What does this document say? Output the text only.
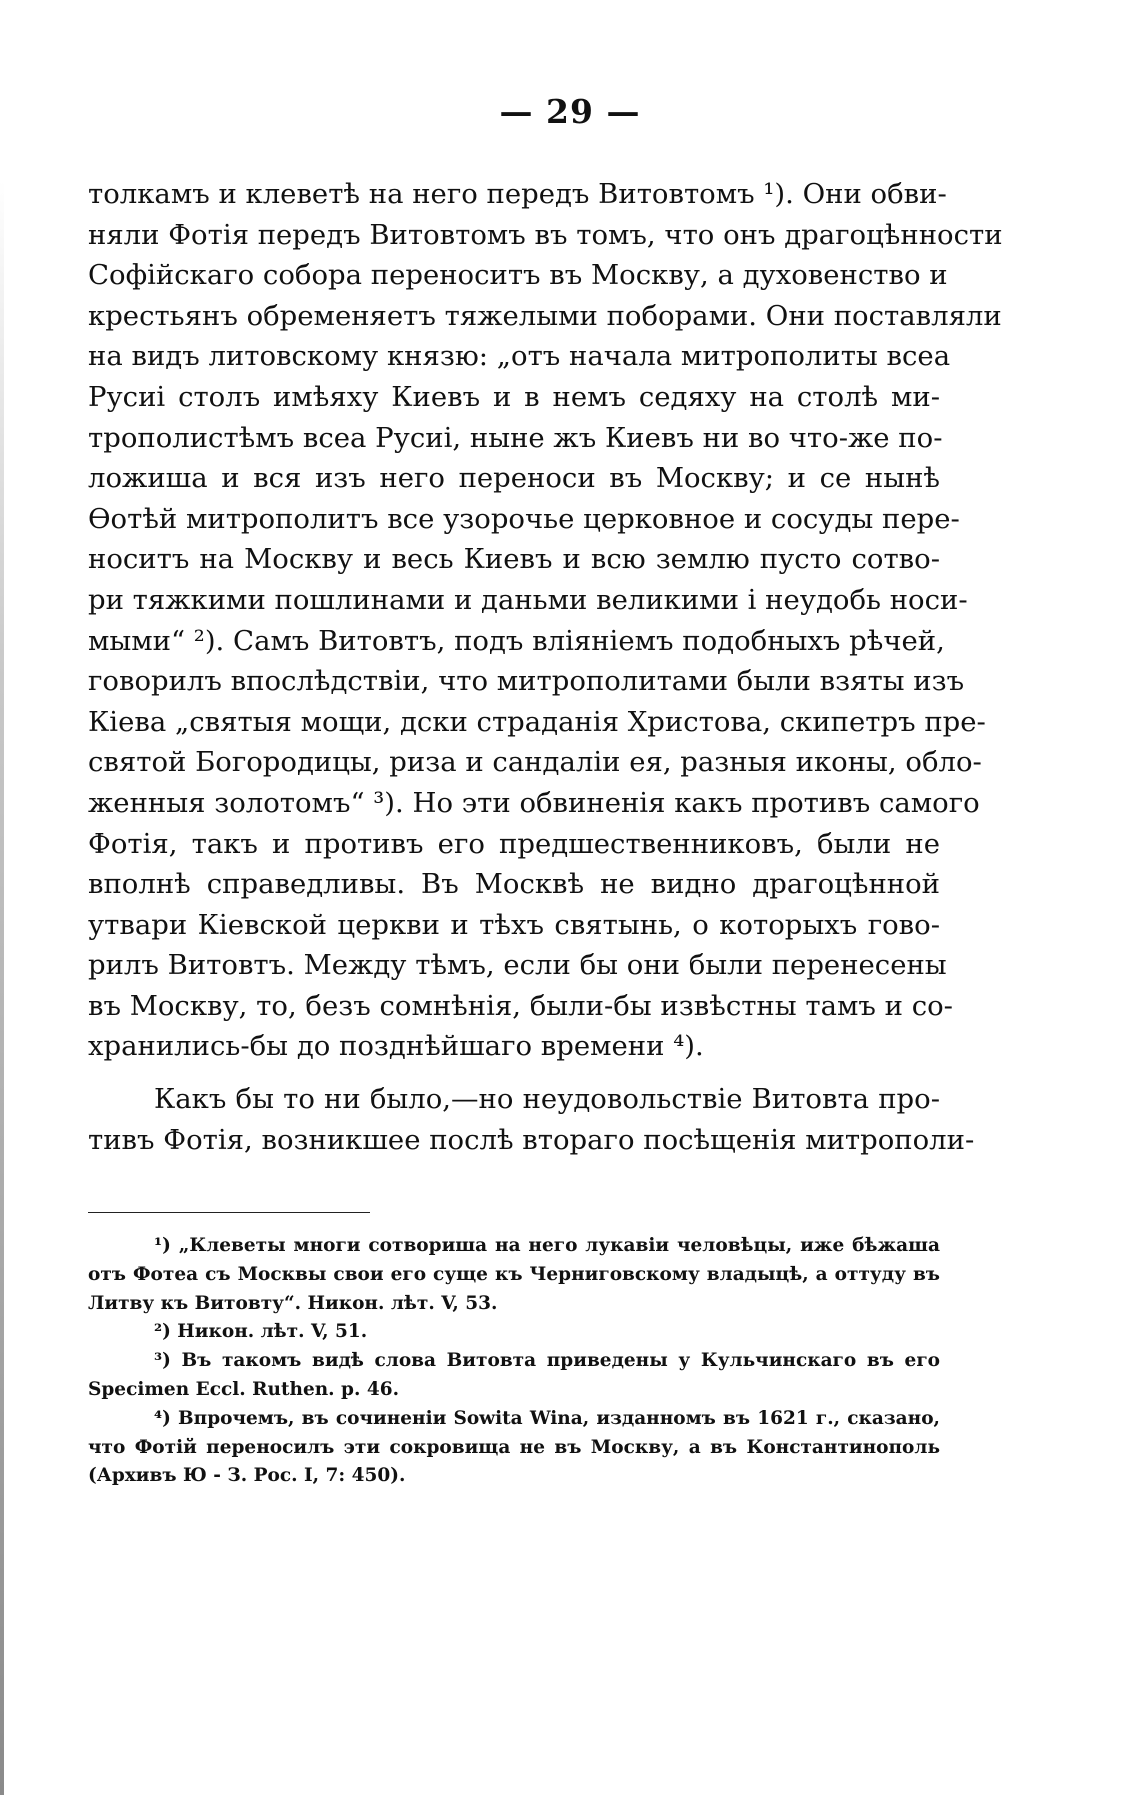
— 29 —
толкамъ и клеветѣ на него передъ Витовтомъ ¹). Они обви-
няли Фотія передъ Витовтомъ въ томъ, что онъ драгоцѣнности
Софійскаго собора переноситъ въ Москву, а духовенство и
крестьянъ обременяетъ тяжелыми поборами. Они поставляли
на видъ литовскому князю: „отъ начала митрополиты всеа
Русиі столъ имѣяху Киевъ и в немъ седяху на столѣ ми-
трополистѣмъ всеа Русиі, ныне жъ Киевъ ни во что-же по-
ложиша и вся изъ него переноси въ Москву; и се нынѣ
Ѳотѣй митрополитъ все узорочье церковное и сосуды пере-
носитъ на Москву и весь Киевъ и всю землю пусто сотво-
ри тяжкими пошлинами и даньми великими і неудобь носи-
мыми“ ²). Самъ Витовтъ, подъ вліяніемъ подобныхъ рѣчей,
говорилъ впослѣдствіи, что митрополитами были взяты изъ
Кіева „святыя мощи, дски страданія Христова, скипетръ пре-
святой Богородицы, риза и сандаліи ея, разныя иконы, обло-
женныя золотомъ“ ³). Но эти обвиненія какъ противъ самого
Фотія, такъ и противъ его предшественниковъ, были не
вполнѣ справедливы. Въ Москвѣ не видно драгоцѣнной
утвари Кіевской церкви и тѣхъ святынь, о которыхъ гово-
рилъ Витовтъ. Между тѣмъ, если бы они были перенесены
въ Москву, то, безъ сомнѣнія, были-бы извѣстны тамъ и со-
хранились-бы до позднѣйшаго времени ⁴).
Какъ бы то ни было,—но неудовольствіе Витовта про-
тивъ Фотія, возникшее послѣ втораго посѣщенія митрополи-
¹) „Клеветы многи сотвориша на него лукавіи человѣцы, иже бѣжаша
отъ Фотеа съ Москвы свои его суще къ Черниговскому владыцѣ, а оттуду въ
Литву къ Витовту“. Никон. лѣт. V, 53.
²) Никон. лѣт. V, 51.
³) Въ такомъ видѣ слова Витовта приведены у Кульчинскаго въ его
Specimen Eccl. Ruthen. p. 46.
⁴) Впрочемъ, въ сочиненіи Sowita Wina, изданномъ въ 1621 г., сказано,
что Фотій переносилъ эти сокровища не въ Москву, а въ Константинополь
(Архивъ Ю - З. Рос. I, 7: 450).
